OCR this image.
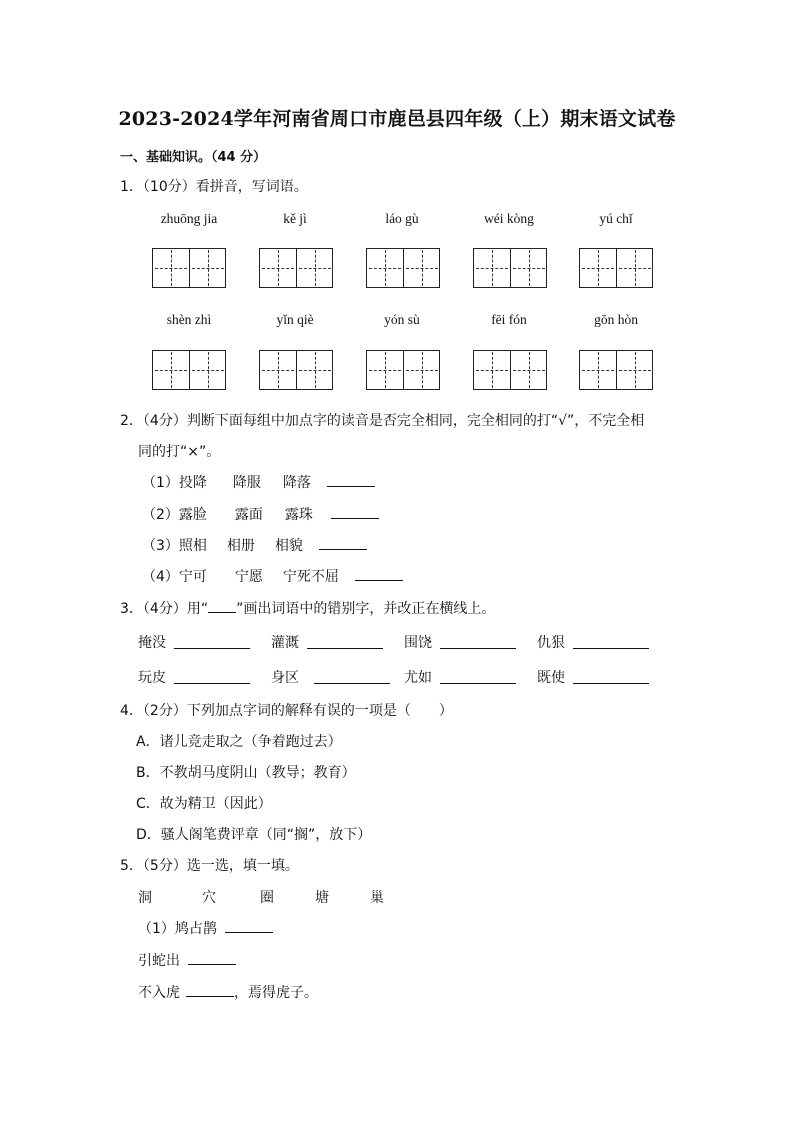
2023-2024学年河南省周口市鹿邑县四年级（上）期末语文试卷
一、基础知识。（44 分）
1．（10分）看拼音，写词语。
zhuōng jia	kě jì	láo gù	wéi kòng	yú chǐ
shèn zhì	yǐn qiè	yón sù	fēi fón	gōn hòn
2．（4分）判断下面每组中加点字的读音是否完全相同，完全相同的打“√”，不完全相
同的打“×”。
（1）投降 降服 降落
（2）露脸 露面 露珠
（3）照相 相册 相貌
（4）宁可 宁愿 宁死不屈
3．（4分）用“ ”画出词语中的错别字，并改正在横线上。
掩没	灌溉	围饶	仇狠
玩皮	身区	尤如	既使
4．（2分）下列加点字词的解释有误的一项是（　　）
A．诸儿竞走取之（争着跑过去）
B．不教胡马度阴山（教导；教育）
C．故为精卫（因此）
D．骚人阁笔费评章（同“搁”，放下）
5．（5分）选一选，填一填。
洞	穴	圈	塘	巢
（1）鸠占鹊
引蛇出
不入虎	，焉得虎子。
